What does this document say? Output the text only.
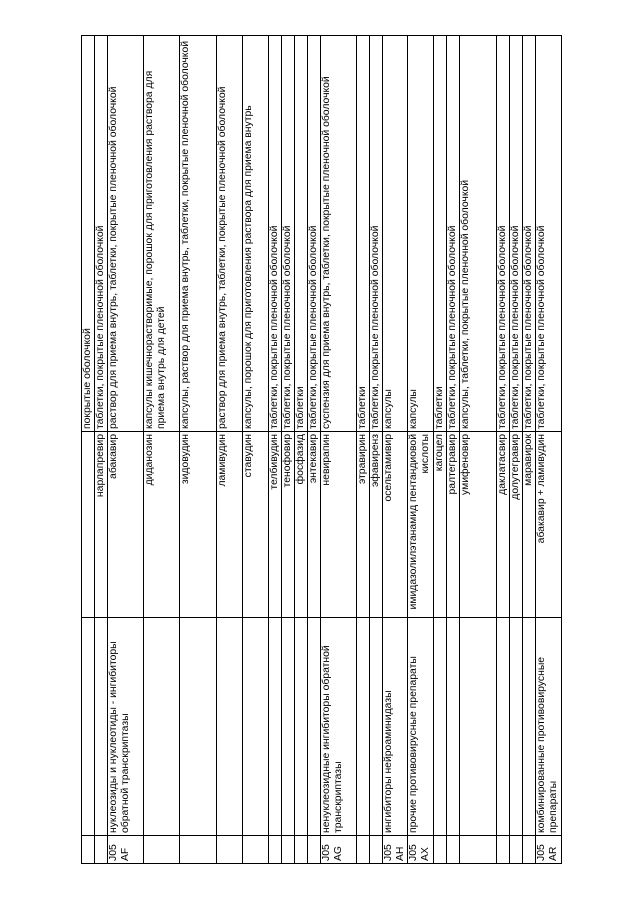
			покрытые оболочкой
		нарлапревир	таблетки, покрытые пленочной оболочкой
J05AF	нуклеозиды и нуклеотиды - ингибиторы обратной транскриптазы	абакавир	раствор для приема внутрь, таблетки, покрытые пленочной оболочкой
		диданозин	капсулы кишечнорастворимые, порошок для приготовления раствора для приема внутрь для детей
		зидовудин	капсулы, раствор для приема внутрь, таблетки, покрытые пленочной оболочкой
		ламивудин	раствор для приема внутрь, таблетки, покрытые пленочной оболочкой
		ставудин	капсулы, порошок для приготовления раствора для приема внутрь
		телбивудин	таблетки, покрытые пленочной оболочкой
		тенофовир	таблетки, покрытые пленочной оболочкой
		фосфазид	таблетки
		энтекавир	таблетки, покрытые пленочной оболочкой
J05AG	ненуклеозидные ингибиторы обратной транскриптазы	невирапин	суспензия для приема внутрь, таблетки, покрытые пленочной оболочкой
		этравирин	таблетки
		эфавиренз	таблетки, покрытые пленочной оболочкой
J05AH	ингибиторы нейроаминидазы	осельтамивир	капсулы
J05AX	прочие противовирусные препараты	имидазолилэтанамид пентандиовой кислоты	капсулы
		кагоцел	таблетки
		ралтегравир	таблетки, покрытые пленочной оболочкой
		умифеновир	капсулы, таблетки, покрытые пленочной оболочкой
		даклатасвир	таблетки, покрытые пленочной оболочкой
		долутегравир	таблетки, покрытые пленочной оболочкой
		маравирок	таблетки, покрытые пленочной оболочкой
J05AR	комбинированные противовирусные препараты	абакавир + ламивудин	таблетки, покрытые пленочной оболочкой
